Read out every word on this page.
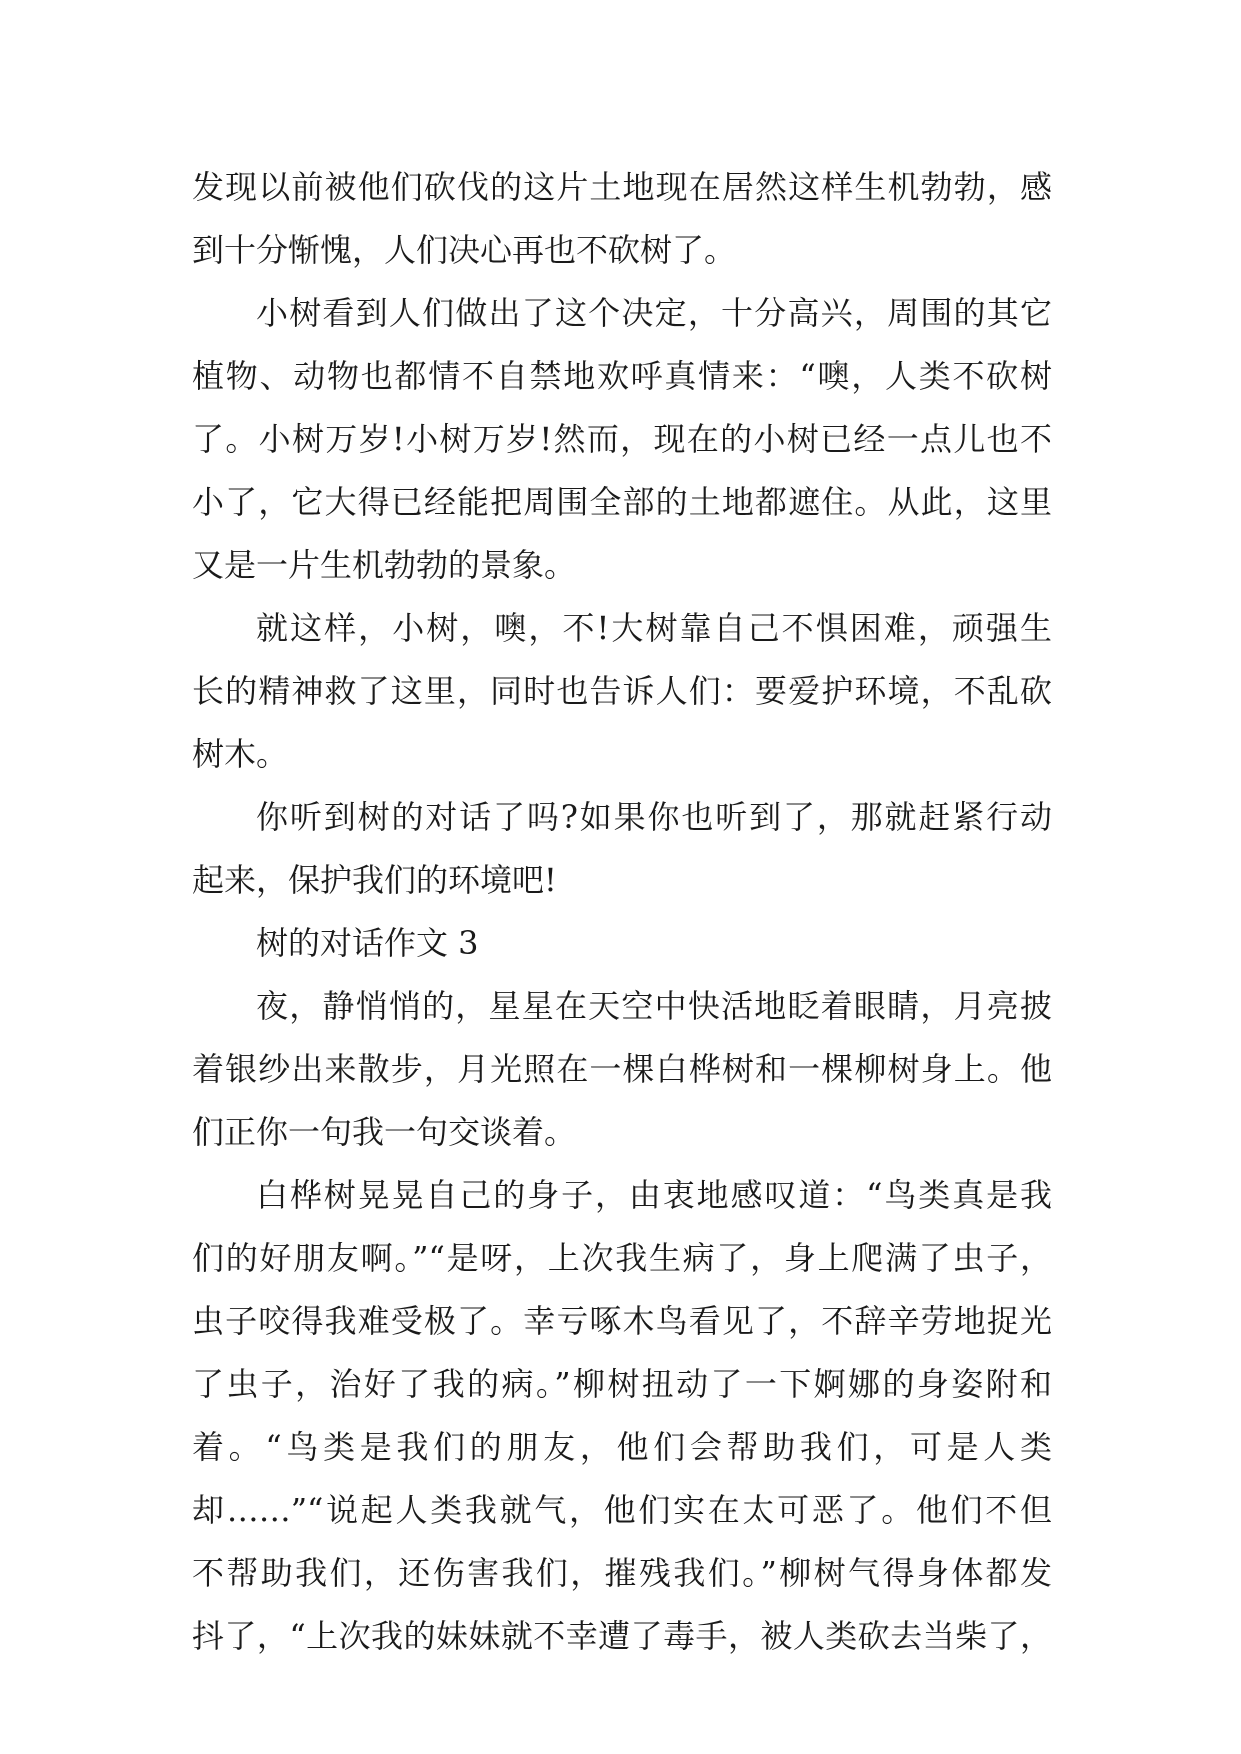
发现以前被他们砍伐的这片土地现在居然这样生机勃勃，感
到十分惭愧，人们决心再也不砍树了。
小树看到人们做出了这个决定，十分高兴，周围的其它
植物、动物也都情不自禁地欢呼真情来：“噢，人类不砍树
了。小树万岁!小树万岁!然而，现在的小树已经一点儿也不
小了，它大得已经能把周围全部的土地都遮住。从此，这里
又是一片生机勃勃的景象。
就这样，小树，噢，不!大树靠自己不惧困难，顽强生
长的精神救了这里，同时也告诉人们：要爱护环境，不乱砍
树木。
你听到树的对话了吗?如果你也听到了，那就赶紧行动
起来，保护我们的环境吧!
树的对话作文 3
夜，静悄悄的，星星在天空中快活地眨着眼睛，月亮披
着银纱出来散步，月光照在一棵白桦树和一棵柳树身上。他
们正你一句我一句交谈着。
白桦树晃晃自己的身子，由衷地感叹道：“鸟类真是我
们的好朋友啊。”“是呀，上次我生病了，身上爬满了虫子，
虫子咬得我难受极了。幸亏啄木鸟看见了，不辞辛劳地捉光
了虫子，治好了我的病。”柳树扭动了一下婀娜的身姿附和
着。“鸟类是我们的朋友，他们会帮助我们，可是人类
却……”“说起人类我就气，他们实在太可恶了。他们不但
不帮助我们，还伤害我们，摧残我们。”柳树气得身体都发
抖了，“上次我的妹妹就不幸遭了毒手，被人类砍去当柴了，
